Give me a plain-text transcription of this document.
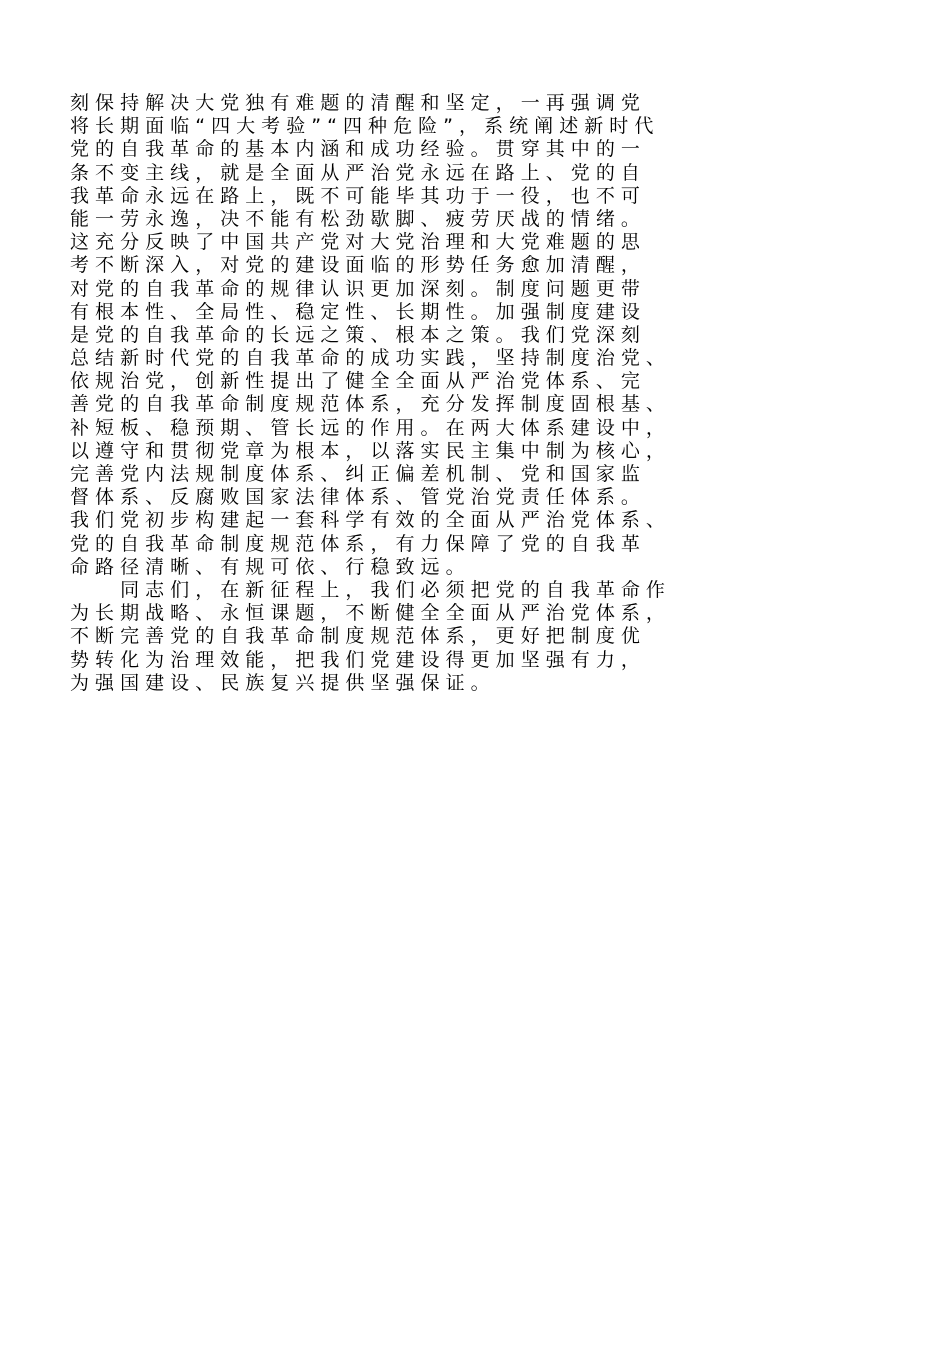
刻 保 持 解 决 大 党 独 有 难 题 的 清 醒 和 坚 定 ， 一 再 强 调 党
将 长 期 面 临 “ 四 大 考 验 ” “ 四 种 危 险 ” ， 系 统 阐 述 新 时 代
党 的 自 我 革 命 的 基 本 内 涵 和 成 功 经 验 。 贯 穿 其 中 的 一
条 不 变 主 线 ， 就 是 全 面 从 严 治 党 永 远 在 路 上 、 党 的 自
我 革 命 永 远 在 路 上 ， 既 不 可 能 毕 其 功 于 一 役 ， 也 不 可
能 一 劳 永 逸 ， 决 不 能 有 松 劲 歇 脚 、 疲 劳 厌 战 的 情 绪 。
这 充 分 反 映 了 中 国 共 产 党 对 大 党 治 理 和 大 党 难 题 的 思
考 不 断 深 入 ， 对 党 的 建 设 面 临 的 形 势 任 务 愈 加 清 醒 ，
对 党 的 自 我 革 命 的 规 律 认 识 更 加 深 刻 。 制 度 问 题 更 带
有 根 本 性 、 全 局 性 、 稳 定 性 、 长 期 性 。 加 强 制 度 建 设
是 党 的 自 我 革 命 的 长 远 之 策 、 根 本 之 策 。 我 们 党 深 刻
总 结 新 时 代 党 的 自 我 革 命 的 成 功 实 践 ， 坚 持 制 度 治 党 、
依 规 治 党 ， 创 新 性 提 出 了 健 全 全 面 从 严 治 党 体 系 、 完
善 党 的 自 我 革 命 制 度 规 范 体 系 ， 充 分 发 挥 制 度 固 根 基 、
补 短 板 、 稳 预 期 、 管 长 远 的 作 用 。 在 两 大 体 系 建 设 中 ，
以 遵 守 和 贯 彻 党 章 为 根 本 ， 以 落 实 民 主 集 中 制 为 核 心 ，
完 善 党 内 法 规 制 度 体 系 、 纠 正 偏 差 机 制 、 党 和 国 家 监
督 体 系 、 反 腐 败 国 家 法 律 体 系 、 管 党 治 党 责 任 体 系 。
我 们 党 初 步 构 建 起 一 套 科 学 有 效 的 全 面 从 严 治 党 体 系 、
党 的 自 我 革 命 制 度 规 范 体 系 ， 有 力 保 障 了 党 的 自 我 革
命 路 径 清 晰 、 有 规 可 依 、 行 稳 致 远 。
　 　 同 志 们 ， 在 新 征 程 上 ， 我 们 必 须 把 党 的 自 我 革 命 作
为 长 期 战 略 、 永 恒 课 题 ， 不 断 健 全 全 面 从 严 治 党 体 系 ，
不 断 完 善 党 的 自 我 革 命 制 度 规 范 体 系 ， 更 好 把 制 度 优
势 转 化 为 治 理 效 能 ， 把 我 们 党 建 设 得 更 加 坚 强 有 力 ，
为 强 国 建 设 、 民 族 复 兴 提 供 坚 强 保 证 。
